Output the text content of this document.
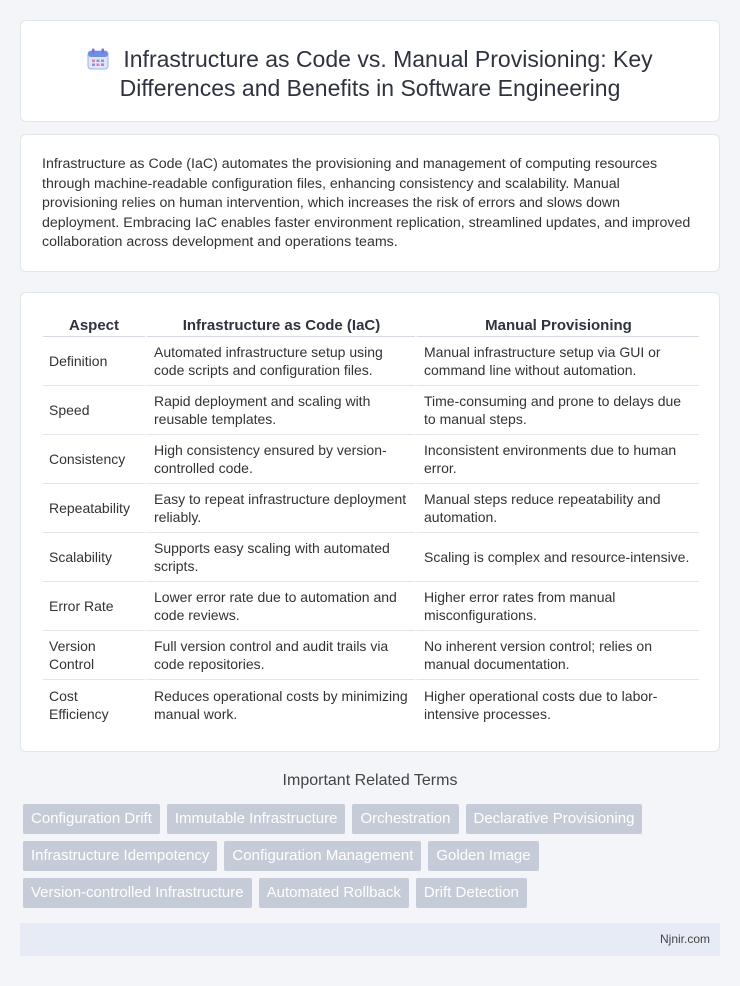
Infrastructure as Code vs. Manual Provisioning: Key Differences and Benefits in Software Engineering

Infrastructure as Code (IaC) automates the provisioning and management of computing resources through machine-readable configuration files, enhancing consistency and scalability. Manual provisioning relies on human intervention, which increases the risk of errors and slows down deployment. Embracing IaC enables faster environment replication, streamlined updates, and improved collaboration across development and operations teams.

Aspect	Infrastructure as Code (IaC)	Manual Provisioning
Definition	Automated infrastructure setup using code scripts and configuration files.	Manual infrastructure setup via GUI or command line without automation.
Speed	Rapid deployment and scaling with reusable templates.	Time-consuming and prone to delays due to manual steps.
Consistency	High consistency ensured by version-controlled code.	Inconsistent environments due to human error.
Repeatability	Easy to repeat infrastructure deployment reliably.	Manual steps reduce repeatability and automation.
Scalability	Supports easy scaling with automated scripts.	Scaling is complex and resource-intensive.
Error Rate	Lower error rate due to automation and code reviews.	Higher error rates from manual misconfigurations.
Version Control	Full version control and audit trails via code repositories.	No inherent version control; relies on manual documentation.
Cost Efficiency	Reduces operational costs by minimizing manual work.	Higher operational costs due to labor-intensive processes.
Important Related Terms
Configuration Drift	Immutable Infrastructure	Orchestration	Declarative Provisioning
Infrastructure Idempotency	Configuration Management	Golden Image
Version-controlled Infrastructure	Automated Rollback	Drift Detection
Njnir.com
